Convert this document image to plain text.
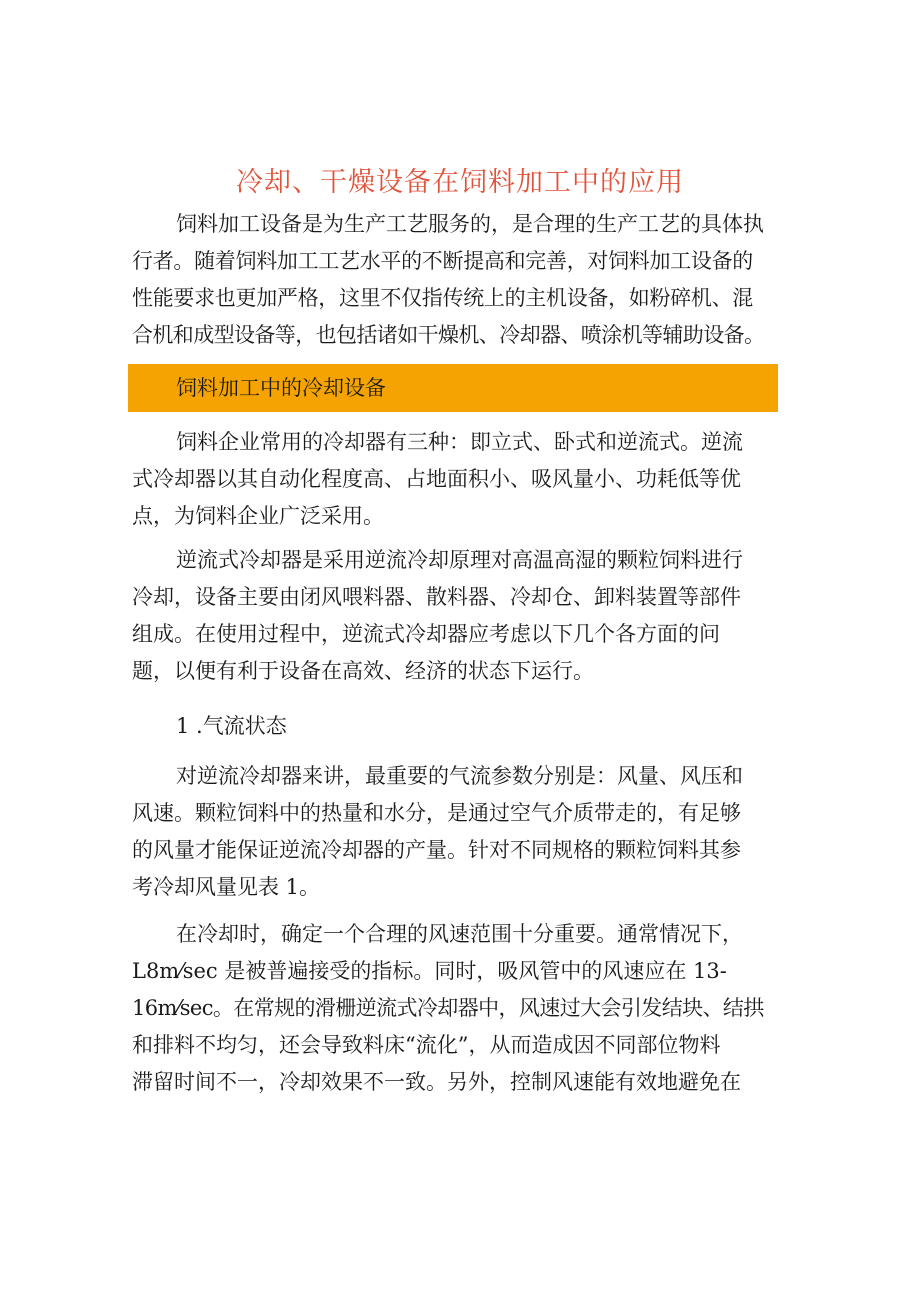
冷却、干燥设备在饲料加工中的应用
饲料加工设备是为生产工艺服务的，是合理的生产工艺的具体执
行者。随着饲料加工工艺水平的不断提高和完善，对饲料加工设备的
性能要求也更加严格，这里不仅指传统上的主机设备，如粉碎机、混
合机和成型设备等，也包括诸如干燥机、冷却器、喷涂机等辅助设备。
饲料加工中的冷却设备
饲料企业常用的冷却器有三种：即立式、卧式和逆流式。逆流
式冷却器以其自动化程度高、占地面积小、吸风量小、功耗低等优
点，为饲料企业广泛采用。
逆流式冷却器是采用逆流冷却原理对高温高湿的颗粒饲料进行
冷却，设备主要由闭风喂料器、散料器、冷却仓、卸料装置等部件
组成。在使用过程中，逆流式冷却器应考虑以下几个各方面的问
题，以便有利于设备在高效、经济的状态下运行。
1 .气流状态
对逆流冷却器来讲，最重要的气流参数分别是：风量、风压和
风速。颗粒饲料中的热量和水分，是通过空气介质带走的，有足够
的风量才能保证逆流冷却器的产量。针对不同规格的颗粒饲料其参
考冷却风量见表 1。
在冷却时，确定一个合理的风速范围十分重要。通常情况下，
L8m⁄sec 是被普遍接受的指标。同时，吸风管中的风速应在 13-
16m⁄sec。在常规的滑栅逆流式冷却器中，风速过大会引发结块、结拱
和排料不均匀，还会导致料床“流化”，从而造成因不同部位物料
滞留时间不一，冷却效果不一致。另外，控制风速能有效地避免在
